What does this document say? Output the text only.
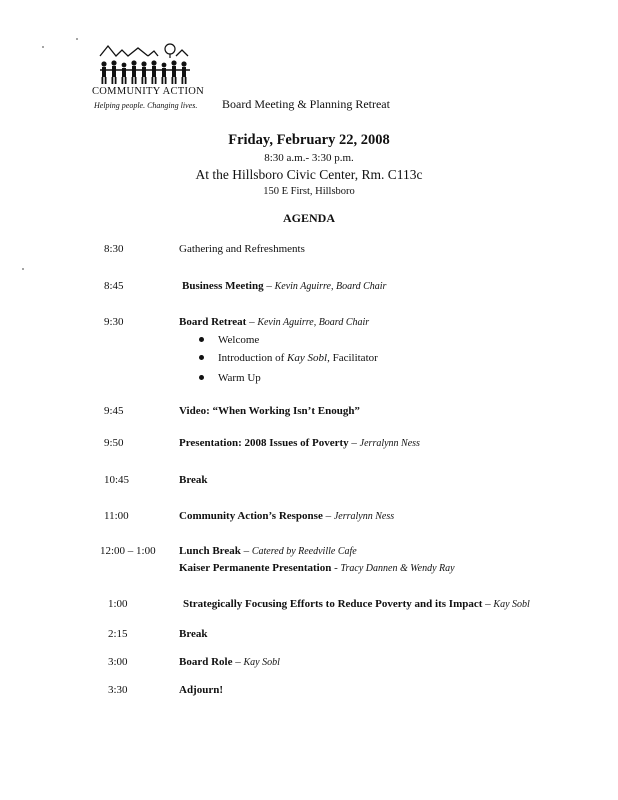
COMMUNITY ACTION
Helping people. Changing lives. Board Meeting & Planning Retreat
Friday, February 22, 2008
8:30 a.m.- 3:30 p.m.
At the Hillsboro Civic Center, Rm. C113c
150 E First, Hillsboro
AGENDA
8:30	Gathering and Refreshments
8:45	Business Meeting – Kevin Aguirre, Board Chair
9:30	Board Retreat – Kevin Aguirre, Board Chair
Welcome
Introduction of Kay Sobl, Facilitator
Warm Up
9:45	Video: “When Working Isn’t Enough”
9:50	Presentation: 2008 Issues of Poverty – Jerralynn Ness
10:45	Break
11:00	Community Action’s Response – Jerralynn Ness
12:00 – 1:00 Lunch Break – Catered by Reedville Cafe
Kaiser Permanente Presentation - Tracy Dannen & Wendy Ray
1:00	Strategically Focusing Efforts to Reduce Poverty and its Impact – Kay Sobl
2:15	Break
3:00	Board Role – Kay Sobl
3:30	Adjourn!
